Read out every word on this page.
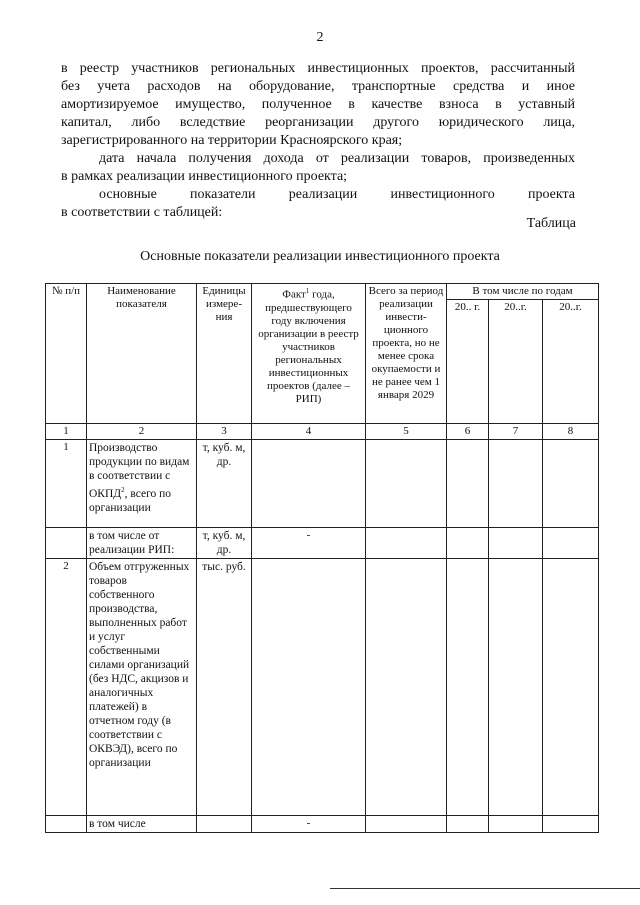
2
в реестр участников региональных инвестиционных проектов, рассчитанный
без учета расходов на оборудование, транспортные средства и иное
амортизируемое имущество, полученное в качестве взноса в уставный
капитал, либо вследствие реорганизации другого юридического лица,
зарегистрированного на территории Красноярского края;
дата начала получения дохода от реализации товаров, произведенных
в рамках реализации инвестиционного проекта;
основные показатели реализации инвестиционного проекта
в соответствии с таблицей:
Таблица
Основные показатели реализации инвестиционного проекта
№ п/п	Наименование показателя	Единицы измере-ния	Факт$^1$ года, предшествующего году включения организации в реестр участников региональных инвестиционных проектов (далее – РИП)	Всего за период реализации инвести-ционного проекта, но не менее срока окупаемости и не ранее чем 1 января 2029	В том числе по годам		
					20.. г.	20..г.	20..г.
1	2	3	4	5	6	7	8
1	Производство продукции по видам в соответствии с ОКПД$^2$, всего по организации	т, куб. м, др.					
	в том числе от реализации РИП:	т, куб. м, др.	-				
2	Объем отгруженных товаров собственного производства, выполненных работ и услуг собственными силами организаций (без НДС, акцизов и аналогичных платежей) в отчетном году (в соответствии с ОКВЭД), всего по организации	тыс. руб.					
	в том числе		-				
